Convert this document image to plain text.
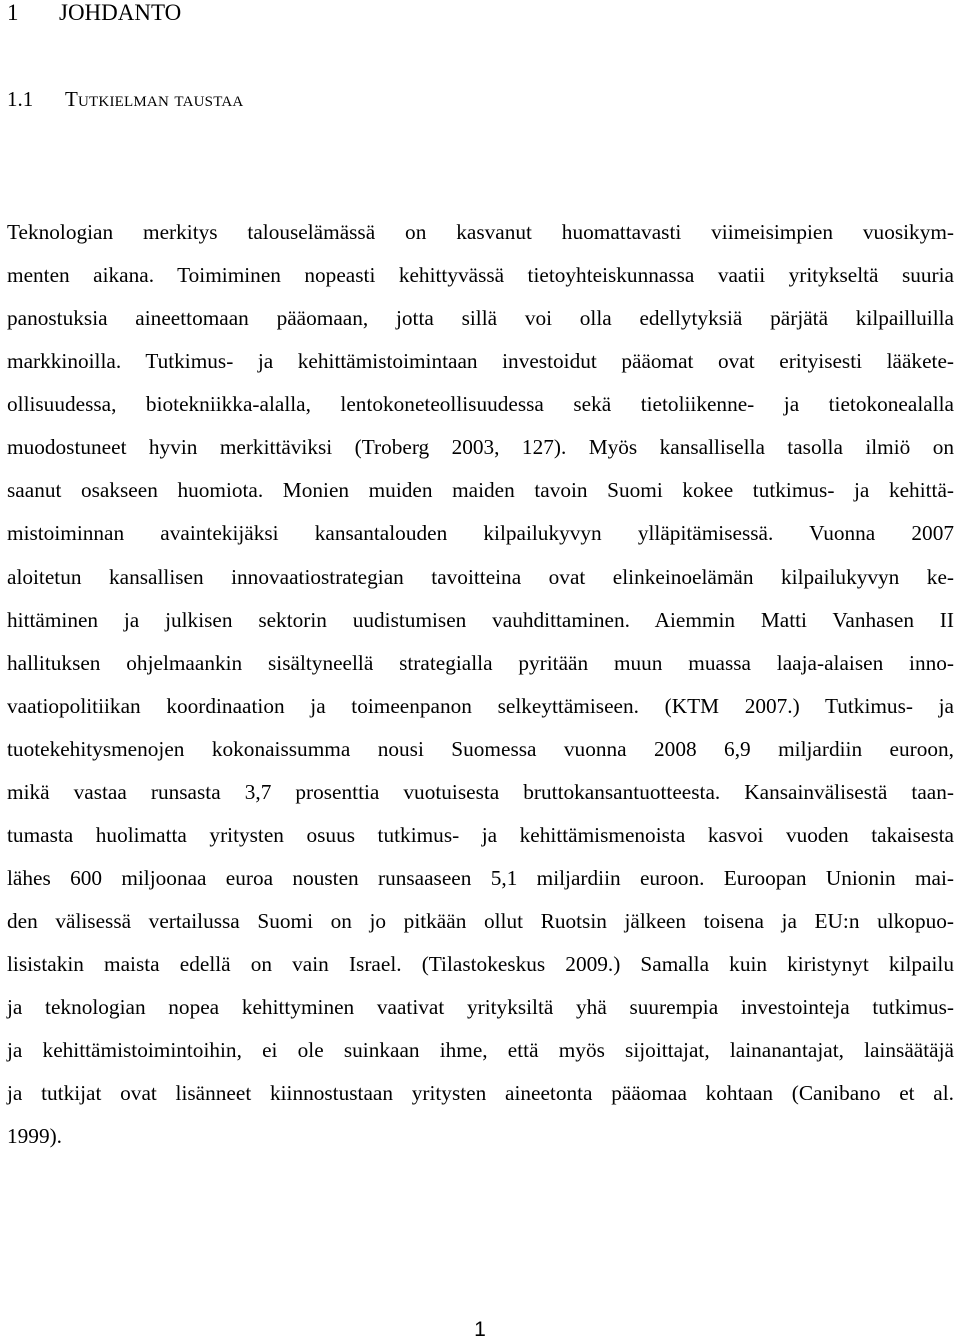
1 JOHDANTO
1.1 Tutkielman taustaa
Teknologian merkitys talouselämässä on kasvanut huomattavasti viimeisimpien vuosikym-
menten aikana. Toimiminen nopeasti kehittyvässä tietoyhteiskunnassa vaatii yritykseltä suuria
panostuksia aineettomaan pääomaan, jotta sillä voi olla edellytyksiä pärjätä kilpailluilla
markkinoilla. Tutkimus- ja kehittämistoimintaan investoidut pääomat ovat erityisesti lääkete-
ollisuudessa, biotekniikka-alalla, lentokoneteollisuudessa sekä tietoliikenne- ja tietokonealalla
muodostuneet hyvin merkittäviksi (Troberg 2003, 127). Myös kansallisella tasolla ilmiö on
saanut osakseen huomiota. Monien muiden maiden tavoin Suomi kokee tutkimus- ja kehittä-
mistoiminnan avaintekijäksi kansantalouden kilpailukyvyn ylläpitämisessä. Vuonna 2007
aloitetun kansallisen innovaatiostrategian tavoitteina ovat elinkeinoelämän kilpailukyvyn ke-
hittäminen ja julkisen sektorin uudistumisen vauhdittaminen. Aiemmin Matti Vanhasen II
hallituksen ohjelmaankin sisältyneellä strategialla pyritään muun muassa laaja-alaisen inno-
vaatiopolitiikan koordinaation ja toimeenpanon selkeyttämiseen. (KTM 2007.) Tutkimus- ja
tuotekehitysmenojen kokonaissumma nousi Suomessa vuonna 2008 6,9 miljardiin euroon,
mikä vastaa runsasta 3,7 prosenttia vuotuisesta bruttokansantuotteesta. Kansainvälisestä taan-
tumasta huolimatta yritysten osuus tutkimus- ja kehittämismenoista kasvoi vuoden takaisesta
lähes 600 miljoonaa euroa nousten runsaaseen 5,1 miljardiin euroon. Euroopan Unionin mai-
den välisessä vertailussa Suomi on jo pitkään ollut Ruotsin jälkeen toisena ja EU:n ulkopuo-
lisistakin maista edellä on vain Israel. (Tilastokeskus 2009.) Samalla kuin kiristynyt kilpailu
ja teknologian nopea kehittyminen vaativat yrityksiltä yhä suurempia investointeja tutkimus-
ja kehittämistoimintoihin, ei ole suinkaan ihme, että myös sijoittajat, lainanantajat, lainsäätäjä
ja tutkijat ovat lisänneet kiinnostustaan yritysten aineetonta pääomaa kohtaan (Canibano et al.
1999).
1
